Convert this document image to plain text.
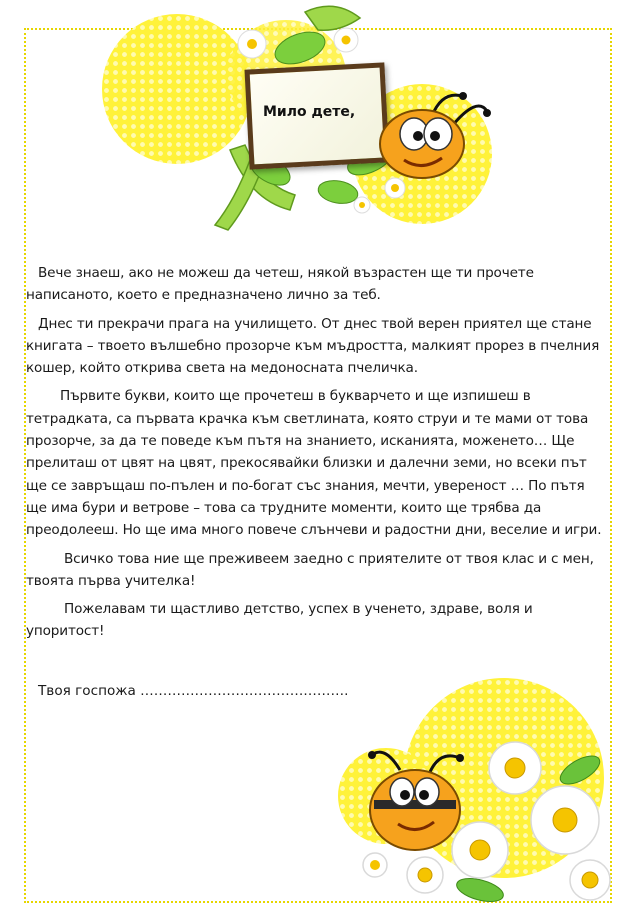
Мило дете,

Вече знаеш, ако не можеш да четеш, някой възрастен ще ти прочете написаното, което е предназначено лично за теб.

Днес ти прекрачи прага на училището. От днес твой верен приятел ще стане книгата – твоето вълшебно прозорче към мъдростта, малкият прорез в пчелния кошер, който открива света на медоносната пчеличка.

Първите букви, които ще прочетеш в букварчето и ще изпишеш в тетрадката, са първата крачка към светлината, която струи и те мами от това прозорче, за да те поведе към пътя на знанието, исканията, моженето… Ще прелиташ от цвят на цвят, прекосявайки близки и далечни земи, но всеки път ще се завръщаш по-пълен и по-богат със знания, мечти, увереност … По пътя ще има бури и ветрове – това са трудните моменти, които ще трябва да преодолееш. Но ще има много повече слънчеви и радостни дни, веселие и игри.

Всичко това ние ще преживеем заедно с приятелите от твоя клас и с мен, твоята първа учителка!

Пожелавам ти щастливо детство, успех в ученето, здраве, воля и упоритост!

Твоя госпожа ……………………………………….
